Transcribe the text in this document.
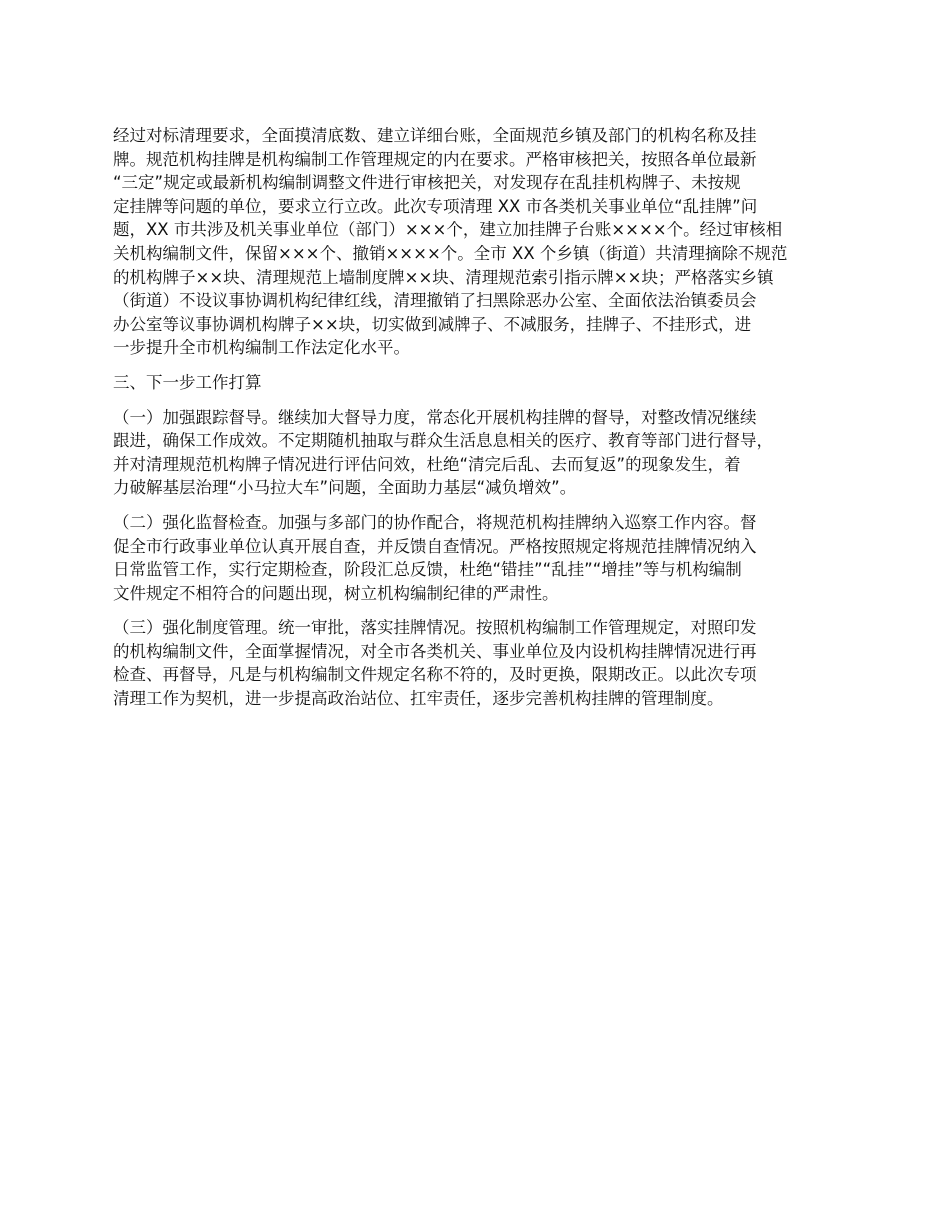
经过对标清理要求，全面摸清底数、建立详细台账，全面规范乡镇及部门的机构名称及挂
牌。规范机构挂牌是机构编制工作管理规定的内在要求。严格审核把关，按照各单位最新
“三定”规定或最新机构编制调整文件进行审核把关，对发现存在乱挂机构牌子、未按规
定挂牌等问题的单位，要求立行立改。此次专项清理 XX 市各类机关事业单位“乱挂牌”问
题，XX 市共涉及机关事业单位（部门）×××个，建立加挂牌子台账××××个。经过审核相
关机构编制文件，保留×××个、撤销××××个。全市 XX 个乡镇（街道）共清理摘除不规范
的机构牌子××块、清理规范上墙制度牌××块、清理规范索引指示牌××块；严格落实乡镇
（街道）不设议事协调机构纪律红线，清理撤销了扫黑除恶办公室、全面依法治镇委员会
办公室等议事协调机构牌子××块，切实做到减牌子、不减服务，挂牌子、不挂形式，进
一步提升全市机构编制工作法定化水平。
三、下一步工作打算
（一）加强跟踪督导。继续加大督导力度，常态化开展机构挂牌的督导，对整改情况继续
跟进，确保工作成效。不定期随机抽取与群众生活息息相关的医疗、教育等部门进行督导，
并对清理规范机构牌子情况进行评估问效，杜绝“清完后乱、去而复返”的现象发生，着
力破解基层治理“小马拉大车”问题，全面助力基层“减负增效”。
（二）强化监督检查。加强与多部门的协作配合，将规范机构挂牌纳入巡察工作内容。督
促全市行政事业单位认真开展自查，并反馈自查情况。严格按照规定将规范挂牌情况纳入
日常监管工作，实行定期检查，阶段汇总反馈，杜绝“错挂”“乱挂”“增挂”等与机构编制
文件规定不相符合的问题出现，树立机构编制纪律的严肃性。
（三）强化制度管理。统一审批，落实挂牌情况。按照机构编制工作管理规定，对照印发
的机构编制文件，全面掌握情况，对全市各类机关、事业单位及内设机构挂牌情况进行再
检查、再督导，凡是与机构编制文件规定名称不符的，及时更换，限期改正。以此次专项
清理工作为契机，进一步提高政治站位、扛牢责任，逐步完善机构挂牌的管理制度。
